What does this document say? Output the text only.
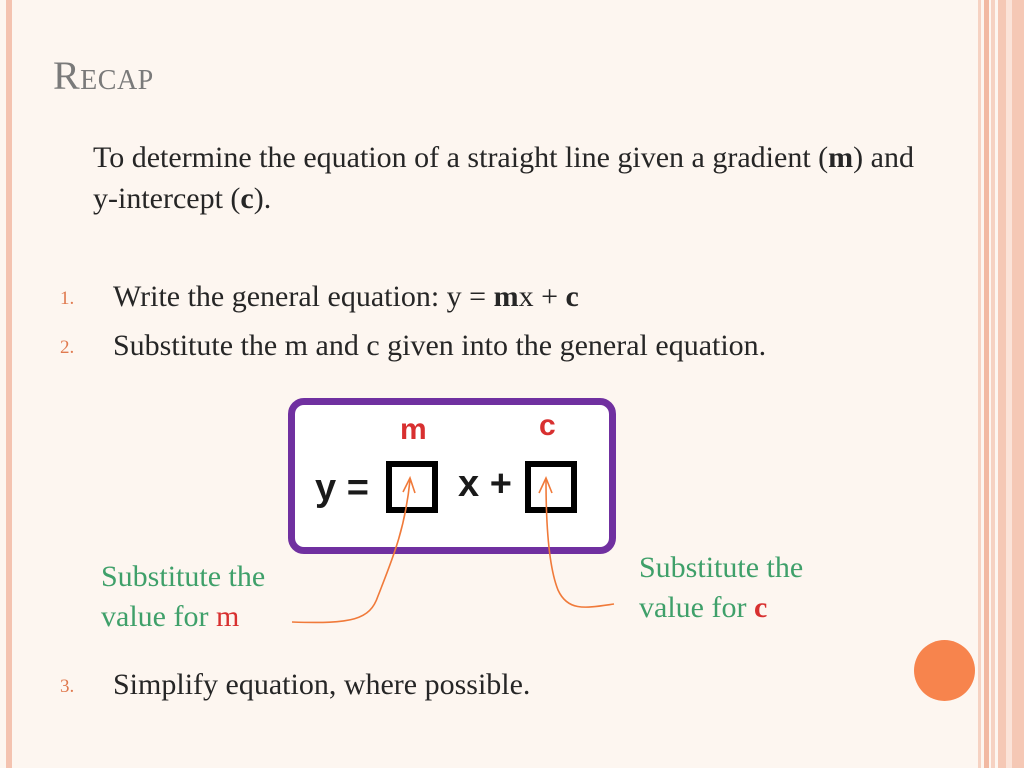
Recap
To determine the equation of a straight line given a gradient (m) and y-intercept (c).
1. Write the general equation: y = mx + c
2. Substitute the m and c given into the general equation.
m	c
y = x +
Substitute the
value for m
Substitute the
value for c
3. Simplify equation, where possible.
